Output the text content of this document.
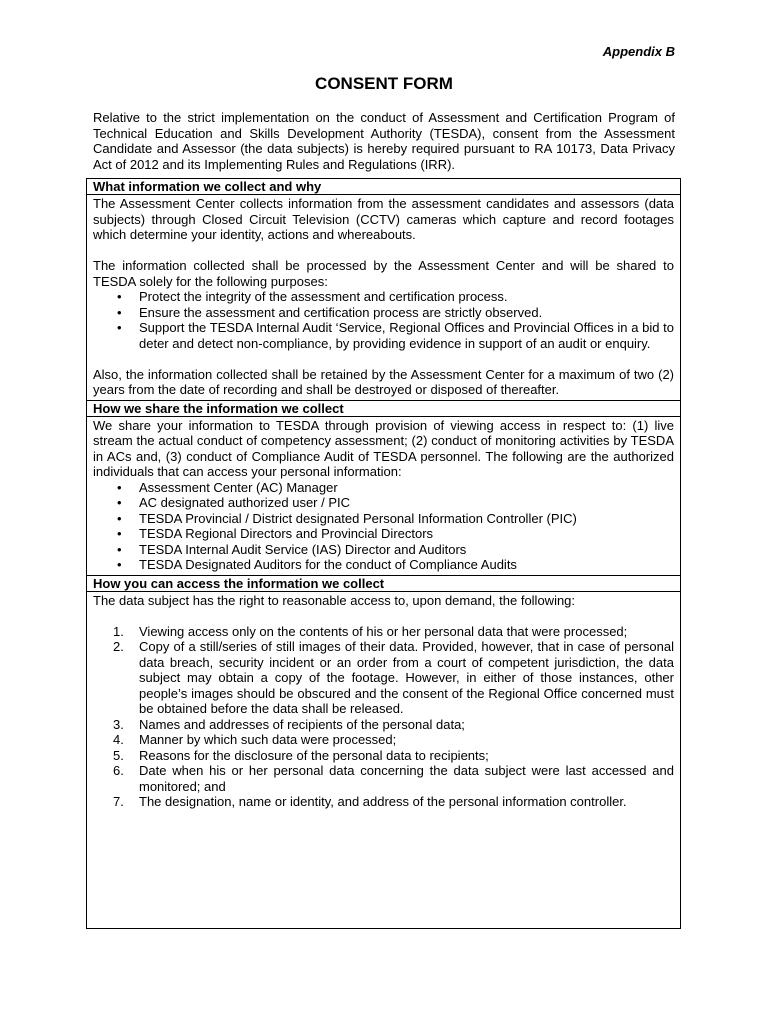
Appendix B
CONSENT FORM

Relative to the strict implementation on the conduct of Assessment and Certification Program of Technical Education and Skills Development Authority (TESDA), consent from the Assessment Candidate and Assessor (the data subjects) is hereby required pursuant to RA 10173, Data Privacy Act of 2012 and its Implementing Rules and Regulations (IRR).

What information we collect and why

The Assessment Center collects information from the assessment candidates and assessors (data subjects) through Closed Circuit Television (CCTV) cameras which capture and record footages which determine your identity, actions and whereabouts.

The information collected shall be processed by the Assessment Center and will be shared to TESDA solely for the following purposes:

• Protect the integrity of the assessment and certification process.
• Ensure the assessment and certification process are strictly observed.
• Support the TESDA Internal Audit ‘Service, Regional Offices and Provincial Offices in a bid to deter and detect non-compliance, by providing evidence in support of an audit or enquiry.

Also, the information collected shall be retained by the Assessment Center for a maximum of two (2) years from the date of recording and shall be destroyed or disposed of thereafter.

How we share the information we collect

We share your information to TESDA through provision of viewing access in respect to: (1) live stream the actual conduct of competency assessment; (2) conduct of monitoring activities by TESDA in ACs and, (3) conduct of Compliance Audit of TESDA personnel. The following are the authorized individuals that can access your personal information:

• Assessment Center (AC) Manager
• AC designated authorized user / PIC
• TESDA Provincial / District designated Personal Information Controller (PIC)
• TESDA Regional Directors and Provincial Directors
• TESDA Internal Audit Service (IAS) Director and Auditors
• TESDA Designated Auditors for the conduct of Compliance Audits
How you can access the information we collect

The data subject has the right to reasonable access to, upon demand, the following:

1. Viewing access only on the contents of his or her personal data that were processed;
2. Copy of a still/series of still images of their data. Provided, however, that in case of personal data breach, security incident or an order from a court of competent jurisdiction, the data subject may obtain a copy of the footage. However, in either of those instances, other people’s images should be obscured and the consent of the Regional Office concerned must be obtained before the data shall be released.
3. Names and addresses of recipients of the personal data;
4. Manner by which such data were processed;
5. Reasons for the disclosure of the personal data to recipients;
6. Date when his or her personal data concerning the data subject were last accessed and monitored; and
7. The designation, name or identity, and address of the personal information controller.
